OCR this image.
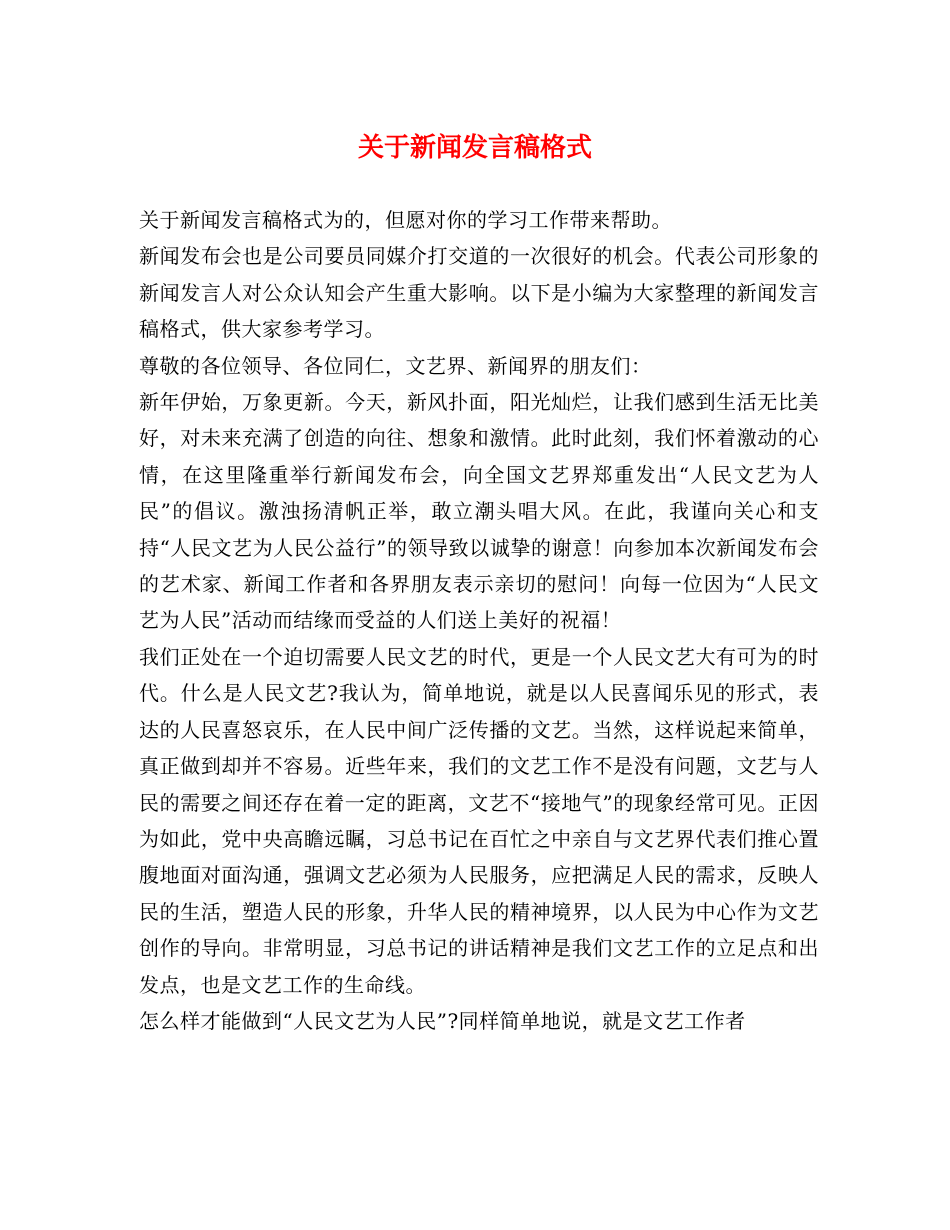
关于新闻发言稿格式

关于新闻发言稿格式为的，但愿对你的学习工作带来帮助。

新闻发布会也是公司要员同媒介打交道的一次很好的机会。代表公司形象的新闻发言人对公众认知会产生重大影响。以下是小编为大家整理的新闻发言稿格式，供大家参考学习。

尊敬的各位领导、各位同仁，文艺界、新闻界的朋友们：

新年伊始，万象更新。今天，新风扑面，阳光灿烂，让我们感到生活无比美好，对未来充满了创造的向往、想象和激情。此时此刻，我们怀着激动的心情，在这里隆重举行新闻发布会，向全国文艺界郑重发出“人民文艺为人民”的倡议。激浊扬清帆正举，敢立潮头唱大风。在此，我谨向关心和支持“人民文艺为人民公益行”的领导致以诚挚的谢意！向参加本次新闻发布会的艺术家、新闻工作者和各界朋友表示亲切的慰问！向每一位因为“人民文艺为人民”活动而结缘而受益的人们送上美好的祝福！

我们正处在一个迫切需要人民文艺的时代，更是一个人民文艺大有可为的时代。什么是人民文艺?我认为，简单地说，就是以人民喜闻乐见的形式，表达的人民喜怒哀乐，在人民中间广泛传播的文艺。当然，这样说起来简单，真正做到却并不容易。近些年来，我们的文艺工作不是没有问题，文艺与人民的需要之间还存在着一定的距离，文艺不“接地气”的现象经常可见。正因为如此，党中央高瞻远瞩，习总书记在百忙之中亲自与文艺界代表们推心置腹地面对面沟通，强调文艺必须为人民服务，应把满足人民的需求，反映人民的生活，塑造人民的形象，升华人民的精神境界，以人民为中心作为文艺创作的导向。非常明显，习总书记的讲话精神是我们文艺工作的立足点和出发点，也是文艺工作的生命线。

怎么样才能做到“人民文艺为人民”?同样简单地说，就是文艺工作者
